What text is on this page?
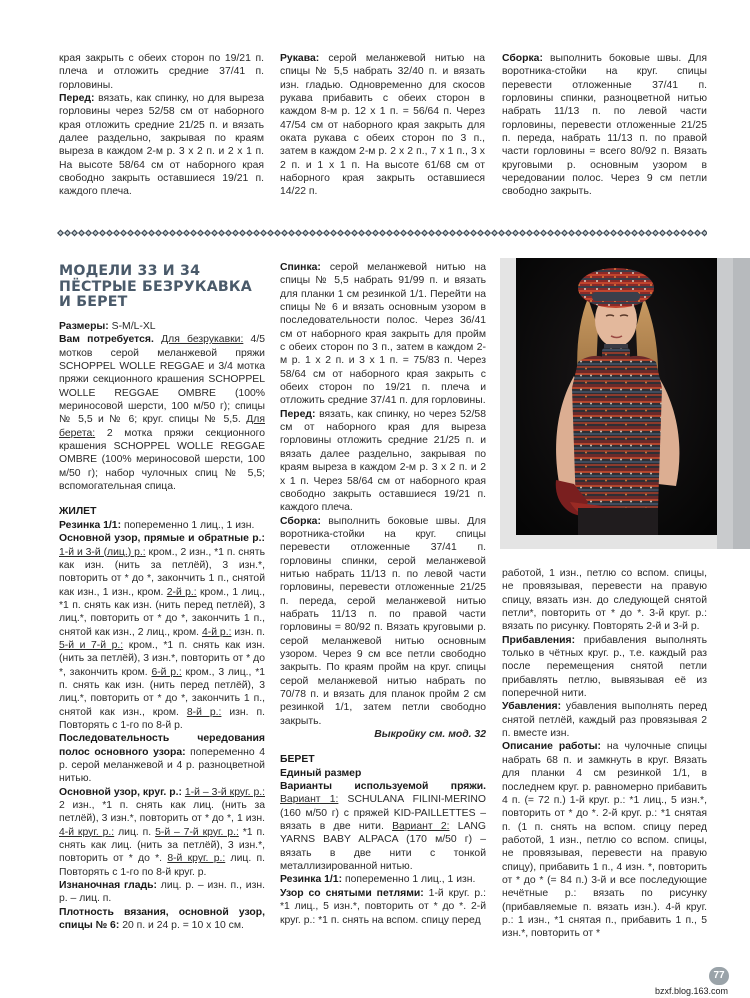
края закрыть с обеих сторон по 19/21 п. плеча и отложить средние 37/41 п. горловины.

Перед: вязать, как спинку, но для выреза горловины через 52/58 см от наборного края отложить средние 21/25 п. и вязать далее раздельно, закрывая по краям выреза в каждом 2-м р. 3 х 2 п. и 2 х 1 п. На высоте 58/64 см от наборного края свободно закрыть оставшиеся 19/21 п. каждого плеча.

Рукава: серой меланжевой нитью на спицы № 5,5 набрать 32/40 п. и вязать изн. гладью. Одновременно для скосов рукава прибавить с обеих сторон в каждом 8-м р. 12 х 1 п. = 56/64 п. Через 47/54 см от наборного края закрыть для оката рукава с обеих сторон по 3 п., затем в каждом 2-м р. 2 х 2 п., 7 х 1 п., 3 х 2 п. и 1 х 1 п. На высоте 61/68 см от наборного края закрыть оставшиеся 14/22 п.

Сборка: выполнить боковые швы. Для воротника-стойки на круг. спицы перевести отложенные 37/41 п. горловины спинки, разноцветной нитью набрать 11/13 п. по левой части горловины, перевести отложенные 21/25 п. переда, набрать 11/13 п. по правой части горловины = всего 80/92 п. Вязать круговыми р. основным узором в чередовании полос. Через 9 см петли свободно закрыть.

МОДЕЛИ 33 И 34
ПЁСТРЫЕ БЕЗРУКАВКА И БЕРЕТ

Размеры: S-M/L-XL

Вам потребуется. Для безрукавки: 4/5 мотков серой меланжевой пряжи SCHOPPEL WOLLE REGGAE и 3/4 мотка пряжи секционного крашения SCHOPPEL WOLLE REGGAE OMBRE (100% мериносовой шерсти, 100 м/50 г); спицы № 5,5 и № 6; круг. спицы № 5,5. Для берета: 2 мотка пряжи секционного крашения SCHOPPEL WOLLE REGGAE OMBRE (100% мериносовой шерсти, 100 м/50 г); набор чулочных спиц № 5,5; вспомогательная спица.

ЖИЛЕТ

Резинка 1/1: попеременно 1 лиц., 1 изн.

Основной узор, прямые и обратные р.: 1-й и 3-й (лиц.) р.: кром., 2 изн., *1 п. снять как изн. (нить за петлёй), 3 изн.*, повторить от * до *, закончить 1 п., снятой как изн., 1 изн., кром. 2-й р.: кром., 1 лиц., *1 п. снять как изн. (нить перед петлёй), 3 лиц.*, повторить от * до *, закончить 1 п., снятой как изн., 2 лиц., кром. 4-й р.: изн. п. 5-й и 7-й р.: кром., *1 п. снять как изн. (нить за петлёй), 3 изн.*, повторить от * до *, закончить кром. 6-й р.: кром., 3 лиц., *1 п. снять как изн. (нить перед петлёй), 3 лиц.*, повторить от * до *, закончить 1 п., снятой как изн., кром. 8-й р.: изн. п. Повторять с 1-го по 8-й р.

Последовательность чередования полос основного узора: попеременно 4 р. серой меланжевой и 4 р. разноцветной нитью.

Основной узор, круг. р.: 1-й – 3-й круг. р.: 2 изн., *1 п. снять как лиц. (нить за петлёй), 3 изн.*, повторить от * до *, 1 изн. 4-й круг. р.: лиц. п. 5-й – 7-й круг. р.: *1 п. снять как лиц. (нить за петлёй), 3 изн.*, повторить от * до *. 8-й круг. р.: лиц. п. Повторять с 1-го по 8-й круг. р.

Изнаночная гладь: лиц. р. – изн. п., изн. р. – лиц. п.

Плотность вязания, основной узор, спицы № 6: 20 п. и 24 р. = 10 х 10 см.

Спинка: серой меланжевой нитью на спицы № 5,5 набрать 91/99 п. и вязать для планки 1 см резинкой 1/1. Перейти на спицы № 6 и вязать основным узором в последовательности полос. Через 36/41 см от наборного края закрыть для пройм с обеих сторон по 3 п., затем в каждом 2-м р. 1 х 2 п. и 3 х 1 п. = 75/83 п. Через 58/64 см от наборного края закрыть с обеих сторон по 19/21 п. плеча и отложить средние 37/41 п. для горловины.

Перед: вязать, как спинку, но через 52/58 см от наборного края для выреза горловины отложить средние 21/25 п. и вязать далее раздельно, закрывая по краям выреза в каждом 2-м р. 3 х 2 п. и 2 х 1 п. Через 58/64 см от наборного края свободно закрыть оставшиеся 19/21 п. каждого плеча.

Сборка: выполнить боковые швы. Для воротника-стойки на круг. спицы перевести отложенные 37/41 п. горловины спинки, серой меланжевой нитью набрать 11/13 п. по левой части горловины, перевести отложенные 21/25 п. переда, серой меланжевой нитью набрать 11/13 п. по правой части горловины = 80/92 п. Вязать круговыми р. серой меланжевой нитью основным узором. Через 9 см все петли свободно закрыть. По краям пройм на круг. спицы серой меланжевой нитью набрать по 70/78 п. и вязать для планок пройм 2 см резинкой 1/1, затем петли свободно закрыть.

Выкройку см. мод. 32

БЕРЕТ

Единый размер

Варианты используемой пряжи. Вариант 1: SCHULANA FILINI-MERINO (160 м/50 г) с пряжей KID-PAILLETTES – вязать в две нити. Вариант 2: LANG YARNS BABY ALPACA (170 м/50 г) – вязать в две нити с тонкой металлизированной нитью.

Резинка 1/1: попеременно 1 лиц., 1 изн.

Узор со снятыми петлями: 1-й круг. р.: *1 лиц., 5 изн.*, повторить от * до *. 2-й круг. р.: *1 п. снять на вспом. спицу перед

работой, 1 изн., петлю со вспом. спицы, не провязывая, перевести на правую спицу, вязать изн. до следующей снятой петли*, повторить от * до *. 3-й круг. р.: вязать по рисунку. Повторять 2-й и 3-й р.

Прибавления: прибавления выполнять только в чётных круг. р., т.е. каждый раз после перемещения снятой петли прибавлять петлю, вывязывая её из поперечной нити.

Убавления: убавления выполнять перед снятой петлёй, каждый раз провязывая 2 п. вместе изн.

Описание работы: на чулочные спицы набрать 68 п. и замкнуть в круг. Вязать для планки 4 см резинкой 1/1, в последнем круг. р. равномерно прибавить 4 п. (= 72 п.) 1-й круг. р.: *1 лиц., 5 изн.*, повторить от * до *. 2-й круг. р.: *1 снятая п. (1 п. снять на вспом. спицу перед работой, 1 изн., петлю со вспом. спицы, не провязывая, перевести на правую спицу), прибавить 1 п., 4 изн. *, повторить от * до * (= 84 п.) 3-й и все последующие нечётные р.: вязать по рисунку (прибавляемые п. вязать изн.). 4-й круг. р.: 1 изн., *1 снятая п., прибавить 1 п., 5 изн.*, повторить от *

77
bzxf.blog.163.com
